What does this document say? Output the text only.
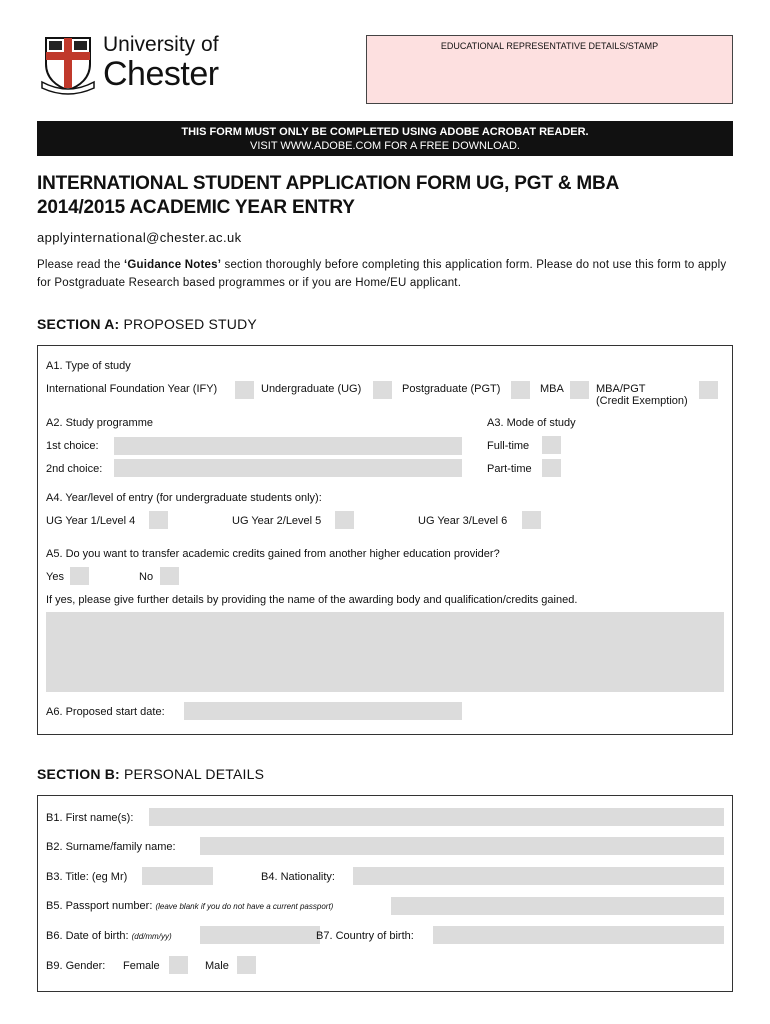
University of
Chester
EDUCATIONAL REPRESENTATIVE DETAILS/STAMP
THIS FORM MUST ONLY BE COMPLETED USING ADOBE ACROBAT READER.
VISIT WWW.ADOBE.COM FOR A FREE DOWNLOAD.
INTERNATIONAL STUDENT APPLICATION FORM UG, PGT & MBA
2014/2015 ACADEMIC YEAR ENTRY
applyinternational@chester.ac.uk
Please read the ‘Guidance Notes’ section thoroughly before completing this application form. Please do not use this form to apply for Postgraduate Research based programmes or if you are Home/EU applicant.
SECTION A: PROPOSED STUDY
A1. Type of study
International Foundation Year (IFY)	Undergraduate (UG)	Postgraduate (PGT)	MBA	MBA/PGT
(Credit Exemption)
A2. Study programme	A3. Mode of study
1st choice:	Full-time
2nd choice:	Part-time
A4. Year/level of entry (for undergraduate students only):
UG Year 1/Level 4	UG Year 2/Level 5	UG Year 3/Level 6
A5. Do you want to transfer academic credits gained from another higher education provider?
Yes	No
If yes, please give further details by providing the name of the awarding body and qualification/credits gained.
A6. Proposed start date:
SECTION B: PERSONAL DETAILS
B1. First name(s):
B2. Surname/family name:
B3. Title: (eg Mr)	B4. Nationality:
B5. Passport number: (leave blank if you do not have a current passport)
B6. Date of birth: (dd/mm/yy)	B7. Country of birth:
B9. Gender: Female	Male
